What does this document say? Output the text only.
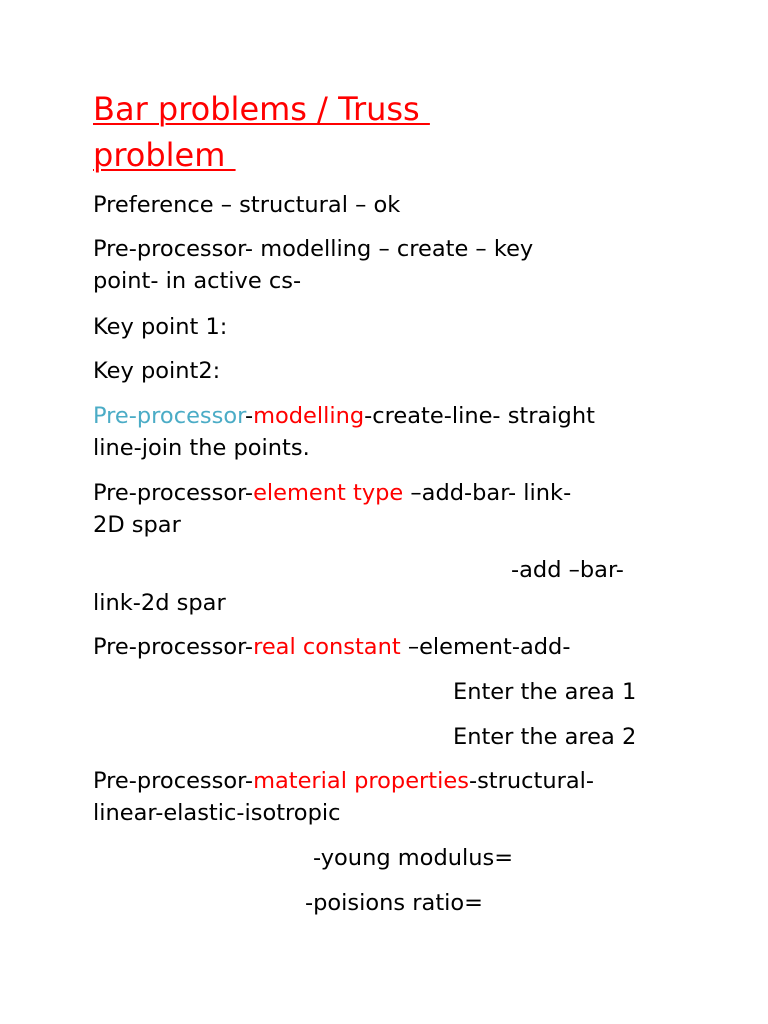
Bar problems / Truss
problem

Preference – structural – ok

Pre-processor- modelling – create – key

point- in active cs-

Key point 1:

Key point2:

Pre-processor-modelling-create-line- straight

line-join the points.

Pre-processor-element type –add-bar- link-

2D spar

-add –bar-

link-2d spar

Pre-processor-real constant –element-add-

Enter the area 1

Enter the area 2

Pre-processor-material properties-structural-

linear-elastic-isotropic

-young modulus=

-poisions ratio=
